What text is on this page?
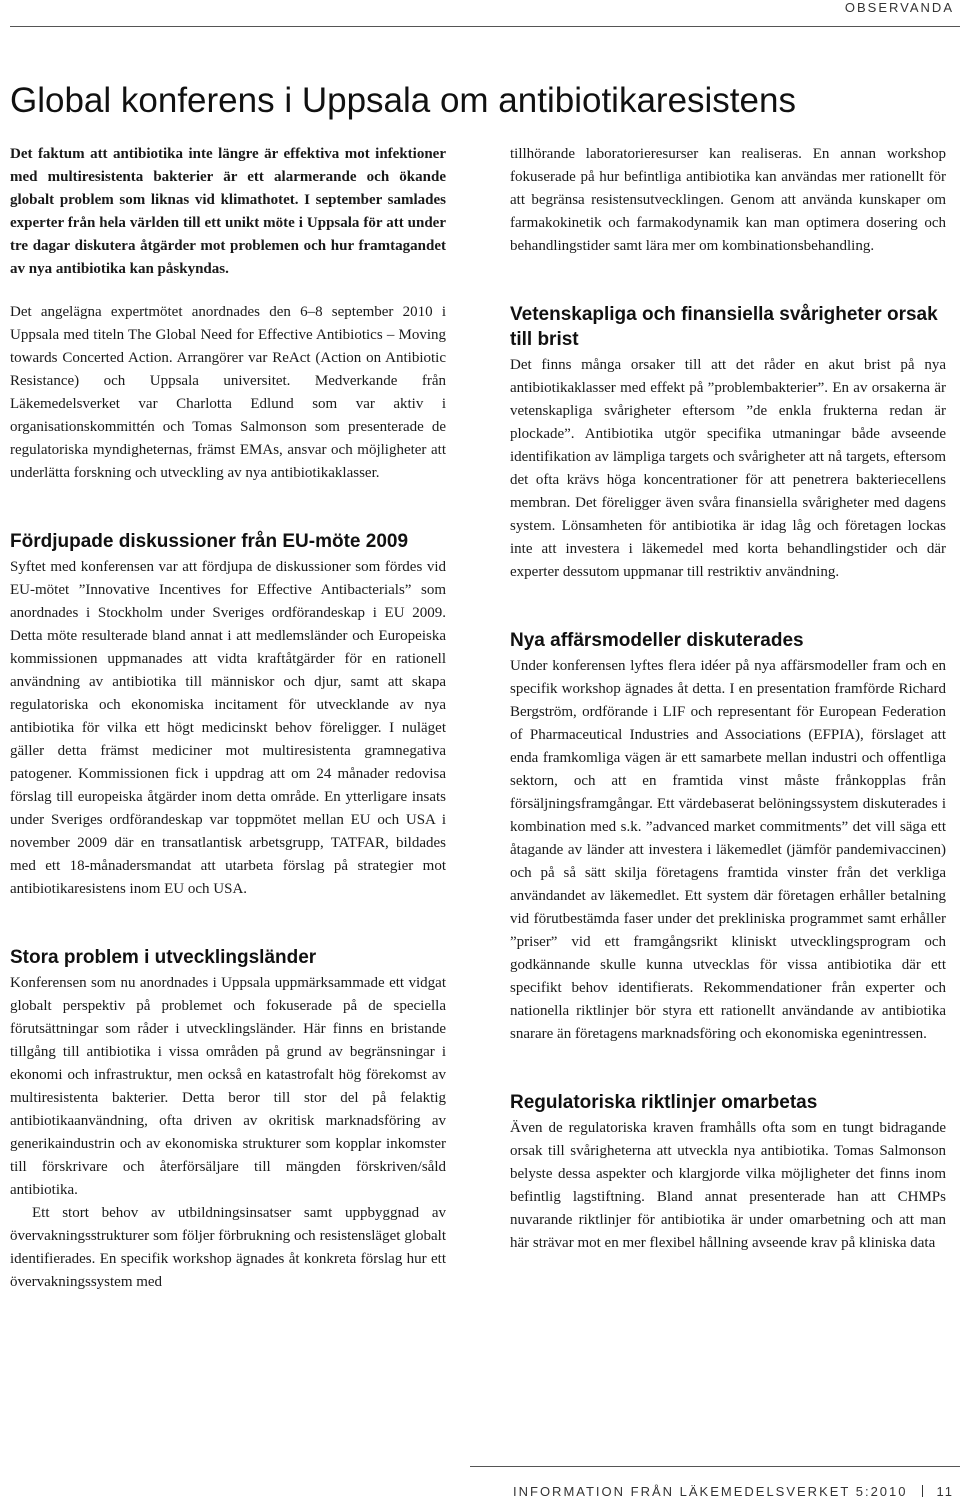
OBSERVANDA
Global konferens i Uppsala om antibiotikaresistens

Det faktum att antibiotika inte längre är effektiva mot infektioner med multiresistenta bakterier är ett alarmerande och ökande globalt problem som liknas vid klimathotet. I september samlades experter från hela världen till ett unikt möte i Uppsala för att under tre dagar diskutera åtgärder mot problemen och hur framtagandet av nya antibiotika kan påskyndas.

Det angelägna expertmötet anordnades den 6–8 september 2010 i Uppsala med titeln The Global Need for Effective Antibiotics – Moving towards Concerted Action. Arrangörer var ReAct (Action on Antibiotic Resistance) och Uppsala universitet. Medverkande från Läkemedelsverket var Charlotta Edlund som var aktiv i organisationskommittén och Tomas Salmonson som presenterade de regulatoriska myndigheternas, främst EMAs, ansvar och möjligheter att underlätta forskning och utveckling av nya antibiotikaklasser.

Fördjupade diskussioner från EU-möte 2009

Syftet med konferensen var att fördjupa de diskussioner som fördes vid EU-mötet ”Innovative Incentives for Effective Antibacterials” som anordnades i Stockholm under Sveriges ordförandeskap i EU 2009. Detta möte resulterade bland annat i att medlemsländer och Europeiska kommissionen uppmanades att vidta kraftåtgärder för en rationell användning av antibiotika till människor och djur, samt att skapa regulatoriska och ekonomiska incitament för utvecklande av nya antibiotika för vilka ett högt medicinskt behov föreligger. I nuläget gäller detta främst mediciner mot multiresistenta gramnegativa patogener. Kommissionen fick i uppdrag att om 24 månader redovisa förslag till europeiska åtgärder inom detta område. En ytterligare insats under Sveriges ordförandeskap var toppmötet mellan EU och USA i november 2009 där en transatlantisk arbetsgrupp, TATFAR, bildades med ett 18-månadersmandat att utarbeta förslag på strategier mot antibiotikaresistens inom EU och USA.

Stora problem i utvecklingsländer

Konferensen som nu anordnades i Uppsala uppmärksammade ett vidgat globalt perspektiv på problemet och fokuserade på de speciella förutsättningar som råder i utvecklingsländer. Här finns en bristande tillgång till antibiotika i vissa områden på grund av begränsningar i ekonomi och infrastruktur, men också en katastrofalt hög förekomst av multiresistenta bakterier. Detta beror till stor del på felaktig antibiotikaanvändning, ofta driven av okritisk marknadsföring av generikaindustrin och av ekonomiska strukturer som kopplar inkomster till förskrivare och återförsäljare till mängden förskriven/såld antibiotika.

Ett stort behov av utbildningsinsatser samt uppbyggnad av övervakningsstrukturer som följer förbrukning och resistensläget globalt identifierades. En specifik workshop ägnades åt konkreta förslag hur ett övervakningssystem med

tillhörande laboratorieresurser kan realiseras. En annan workshop fokuserade på hur befintliga antibiotika kan användas mer rationellt för att begränsa resistensutvecklingen. Genom att använda kunskaper om farmakokinetik och farmakodynamik kan man optimera dosering och behandlingstider samt lära mer om kombinationsbehandling.

Vetenskapliga och finansiella svårigheter orsak till brist

Det finns många orsaker till att det råder en akut brist på nya antibiotikaklasser med effekt på ”problembakterier”. En av orsakerna är vetenskapliga svårigheter eftersom ”de enkla frukterna redan är plockade”. Antibiotika utgör specifika utmaningar både avseende identifikation av lämpliga targets och svårigheter att nå targets, eftersom det ofta krävs höga koncentrationer för att penetrera bakteriecellens membran. Det föreligger även svåra finansiella svårigheter med dagens system. Lönsamheten för antibiotika är idag låg och företagen lockas inte att investera i läkemedel med korta behandlingstider och där experter dessutom uppmanar till restriktiv användning.

Nya affärsmodeller diskuterades

Under konferensen lyftes flera idéer på nya affärsmodeller fram och en specifik workshop ägnades åt detta. I en presentation framförde Richard Bergström, ordförande i LIF och representant för European Federation of Pharmaceutical Industries and Associations (EFPIA), förslaget att enda framkomliga vägen är ett samarbete mellan industri och offentliga sektorn, och att en framtida vinst måste frånkopplas från försäljningsframgångar. Ett värdebaserat belöningssystem diskuterades i kombination med s.k. ”advanced market commitments” det vill säga ett åtagande av länder att investera i läkemedlet (jämför pandemivaccinen) och på så sätt skilja företagens framtida vinster från det verkliga användandet av läkemedlet. Ett system där företagen erhåller betalning vid förutbestämda faser under det prekliniska programmet samt erhåller ”priser” vid ett framgångsrikt kliniskt utvecklingsprogram och godkännande skulle kunna utvecklas för vissa antibiotika där ett specifikt behov identifierats. Rekommendationer från experter och nationella riktlinjer bör styra ett rationellt användande av antibiotika snarare än företagens marknadsföring och ekonomiska egenintressen.

Regulatoriska riktlinjer omarbetas

Även de regulatoriska kraven framhålls ofta som en tungt bidragande orsak till svårigheterna att utveckla nya antibiotika. Tomas Salmonson belyste dessa aspekter och klargjorde vilka möjligheter det finns inom befintlig lagstiftning. Bland annat presenterade han att CHMPs nuvarande riktlinjer för antibiotika är under omarbetning och att man här strävar mot en mer flexibel hållning avseende krav på kliniska data

INFORMATION FRÅN LÄKEMEDELSVERKET 5:2010 11
